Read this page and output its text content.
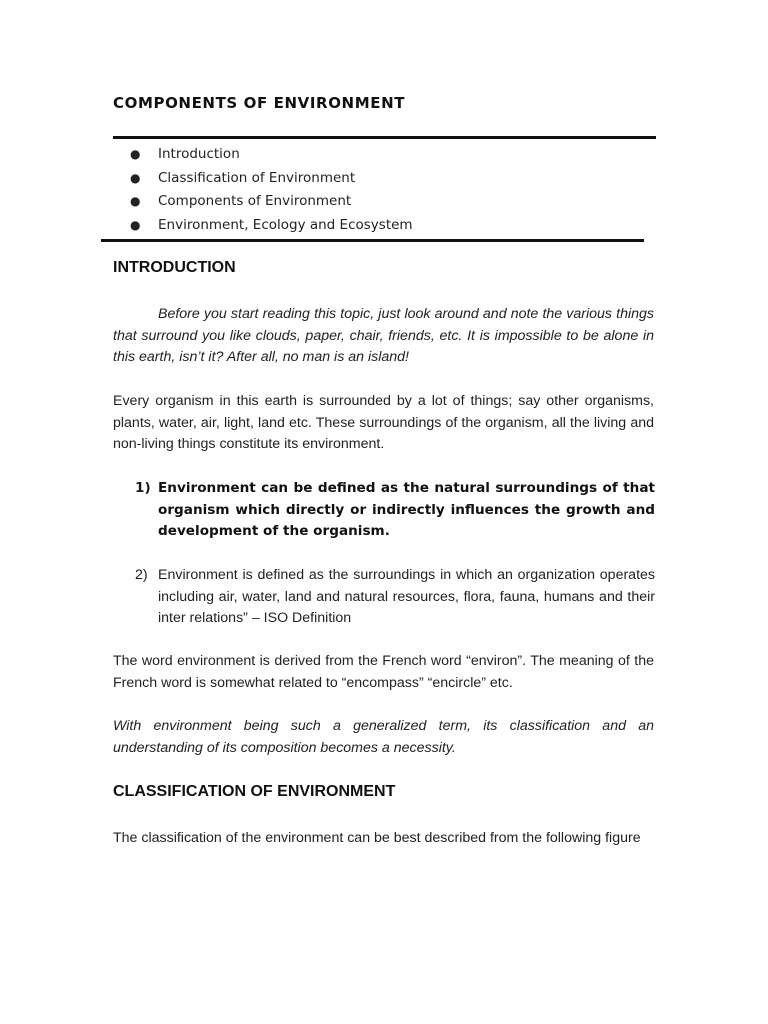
COMPONENTS OF ENVIRONMENT
● Introduction
● Classification of Environment
● Components of Environment
● Environment, Ecology and Ecosystem
INTRODUCTION

Before you start reading this topic, just look around and note the various things that surround you like clouds, paper, chair, friends, etc. It is impossible to be alone in this earth, isn’t it? After all, no man is an island!

Every organism in this earth is surrounded by a lot of things; say other organisms, plants, water, air, light, land etc. These surroundings of the organism, all the living and non-living things constitute its environment.

1) Environment can be defined as the natural surroundings of that organism which directly or indirectly influences the growth and development of the organism.

2) Environment is defined as the surroundings in which an organization operates including air, water, land and natural resources, flora, fauna, humans and their inter relations” – ISO Definition

The word environment is derived from the French word “environ”. The meaning of the French word is somewhat related to “encompass” “encircle” etc.

With environment being such a generalized term, its classification and an understanding of its composition becomes a necessity.

CLASSIFICATION OF ENVIRONMENT

The classification of the environment can be best described from the following figure
